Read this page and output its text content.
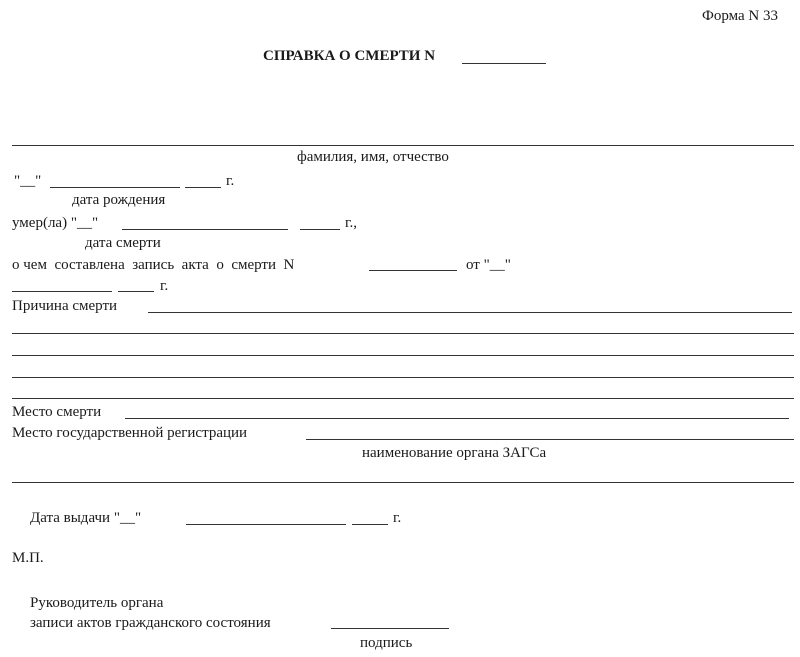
Форма N 33
СПРАВКА О СМЕРТИ N
фамилия, имя, отчество
"__"	г.
дата рождения
умер(ла) "__"	г.,
дата смерти
о чем  составлена  запись  акта  о  смерти  N	от "__"
г.
Причина смерти
Место смерти
Место государственной регистрации
наименование органа ЗАГСа
Дата выдачи "__"	г.
М.П.
Руководитель органа
записи актов гражданского состояния
подпись
